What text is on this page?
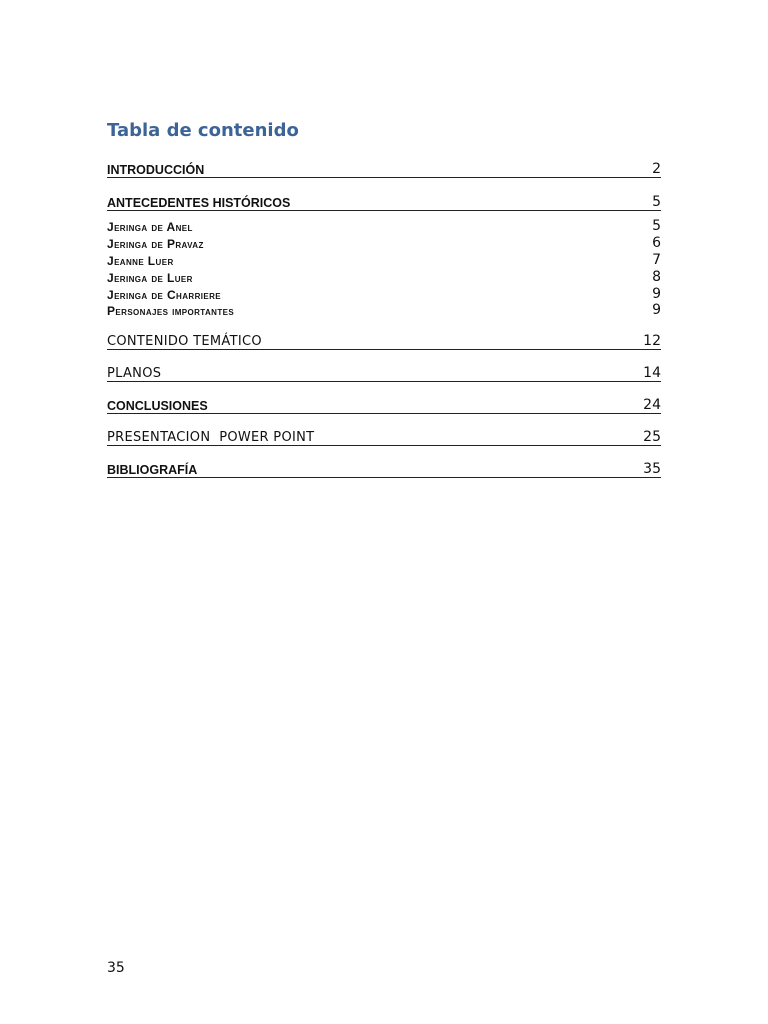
Tabla de contenido
INTRODUCCIÓN	2
ANTECEDENTES HISTÓRICOS	5
Jeringa de Anel	5
Jeringa de Pravaz	6
Jeanne Luer	7
Jeringa de Luer	8
Jeringa de Charriere	9
Personajes importantes	9
CONTENIDO TEMÁTICO	12
PLANOS	14
CONCLUSIONES	24
PRESENTACION  POWER POINT	25
BIBLIOGRAFÍA	35
35
